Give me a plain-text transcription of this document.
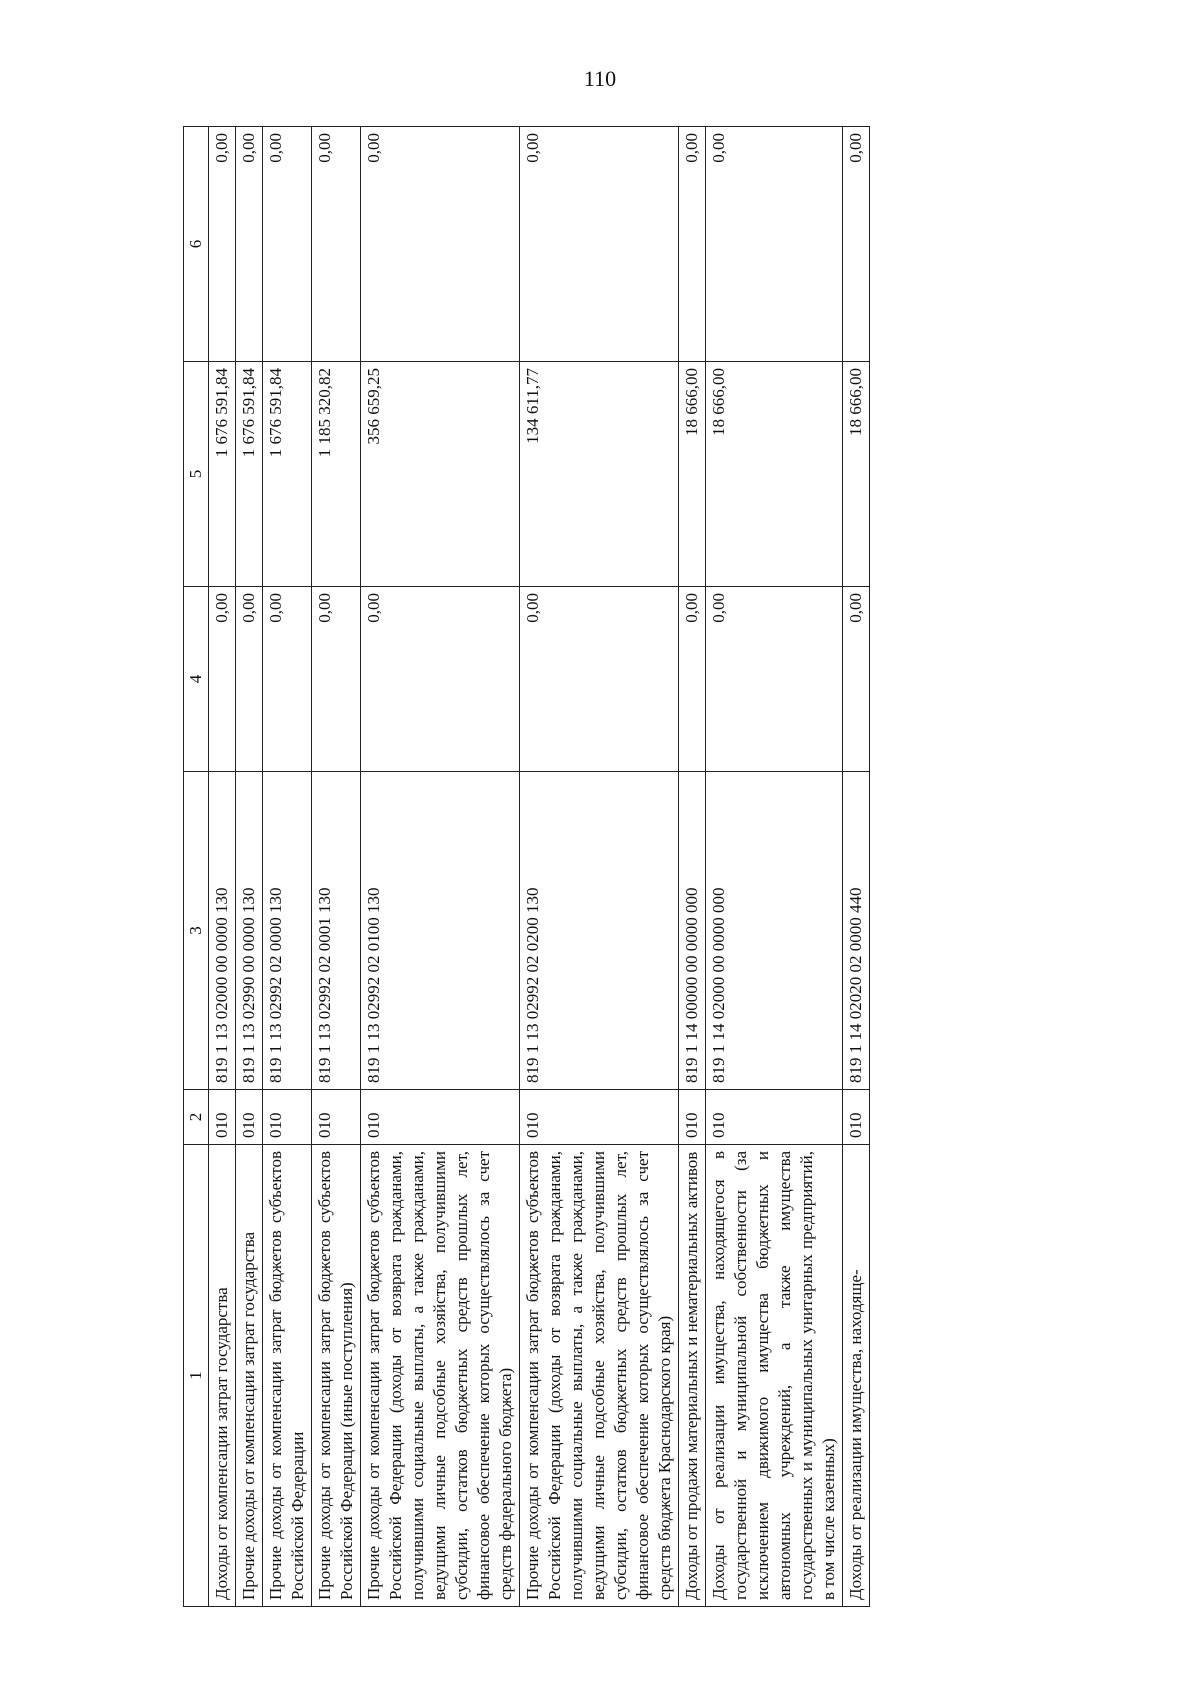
110
1	2	3	4	5	6
Доходы от компенсации затрат государства	010	819 1 13 02000 00 0000 130	0,00	1 676 591,84	0,00
Прочие доходы от компенсации затрат государства	010	819 1 13 02990 00 0000 130	0,00	1 676 591,84	0,00
Прочие доходы от компенсации затрат бюджетов субъектов Российской Федерации	010	819 1 13 02992 02 0000 130	0,00	1 676 591,84	0,00
Прочие доходы от компенсации затрат бюджетов субъектов Российской Федерации (иные поступления)	010	819 1 13 02992 02 0001 130	0,00	1 185 320,82	0,00
Прочие доходы от компенсации затрат бюджетов субъектов Российской Федерации (доходы от возврата гражданами, получившими социальные выплаты, а также гражданами, ведущими личные подсобные хозяйства, получившими субсидии, остатков бюджетных средств прошлых лет, финансовое обеспечение которых осуществлялось за счет средств федерального бюджета)	010	819 1 13 02992 02 0100 130	0,00	356 659,25	0,00
Прочие доходы от компенсации затрат бюджетов субъектов Российской Федерации (доходы от возврата гражданами, получившими социальные выплаты, а также гражданами, ведущими личные подсобные хозяйства, получившими субсидии, остатков бюджетных средств прошлых лет, финансовое обеспечение которых осуществлялось за счет средств бюджета Краснодарского края)	010	819 1 13 02992 02 0200 130	0,00	134 611,77	0,00
Доходы от продажи материальных и нематериальных активов	010	819 1 14 00000 00 0000 000	0,00	18 666,00	0,00
Доходы от реализации имущества, находящегося в государственной и муниципальной собственности (за исключением движимого имущества бюджетных и автономных учреждений, а также имущества государственных и муниципальных унитарных предприятий, в том числе казенных)	010	819 1 14 02000 00 0000 000	0,00	18 666,00	0,00
Доходы от реализации имущества, находяще-	010	819 1 14 02020 02 0000 440	0,00	18 666,00	0,00
